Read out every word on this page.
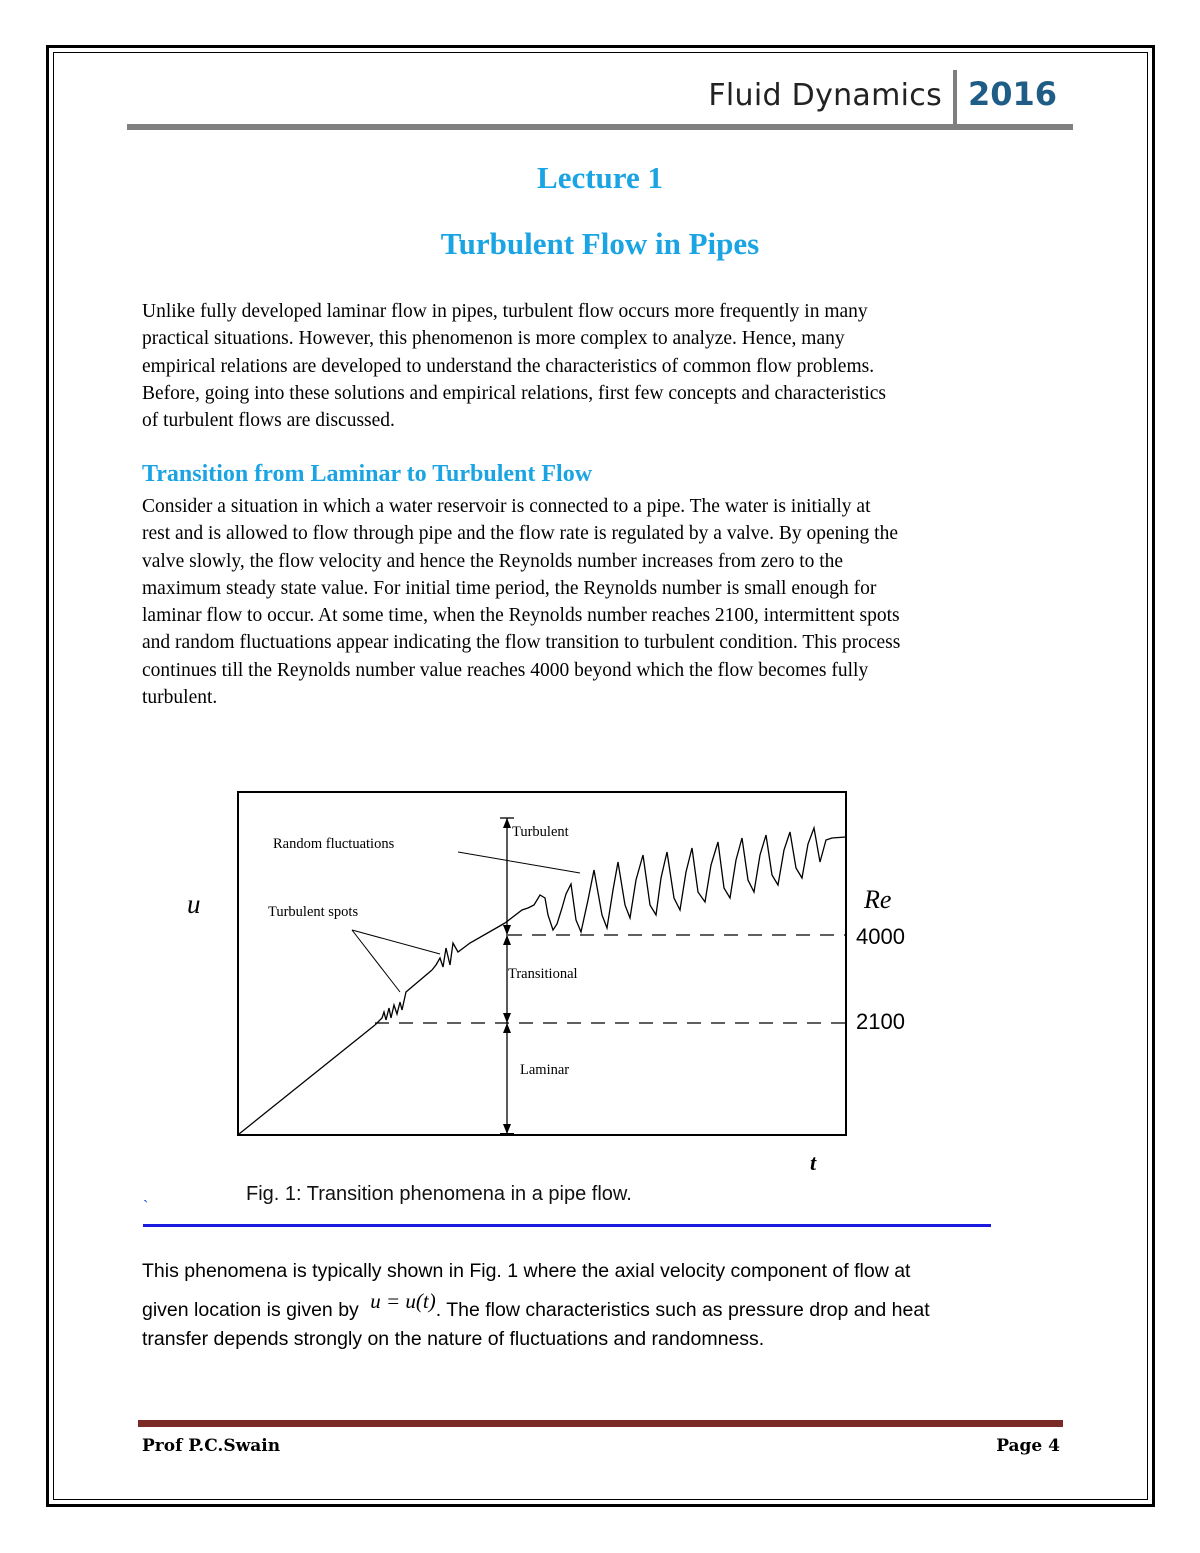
Fluid Dynamics 2016
Lecture 1
Turbulent Flow in Pipes
Unlike fully developed laminar flow in pipes, turbulent flow occurs more frequently in many
practical situations. However, this phenomenon is more complex to analyze. Hence, many
empirical relations are developed to understand the characteristics of common flow problems.
Before, going into these solutions and empirical relations, first few concepts and characteristics
of turbulent flows are discussed.
Transition from Laminar to Turbulent Flow
Consider a situation in which a water reservoir is connected to a pipe. The water is initially at
rest and is allowed to flow through pipe and the flow rate is regulated by a valve. By opening the
valve slowly, the flow velocity and hence the Reynolds number increases from zero to the
maximum steady state value. For initial time period, the Reynolds number is small enough for
laminar flow to occur. At some time, when the Reynolds number reaches 2100, intermittent spots
and random fluctuations appear indicating the flow transition to turbulent condition. This process
continues till the Reynolds number value reaches 4000 beyond which the flow becomes fully
turbulent.
Random fluctuations
Turbulent spots
Turbulent
Transitional
Laminar
u
t
Re
4000
2100
Fig. 1: Transition phenomena in a pipe flow.
`
This phenomena is typically shown in Fig. 1 where the axial velocity component of flow at
given location is given by u = u(t). The flow characteristics such as pressure drop and heat
transfer depends strongly on the nature of fluctuations and randomness.
Prof P.C.Swain	Page 4
